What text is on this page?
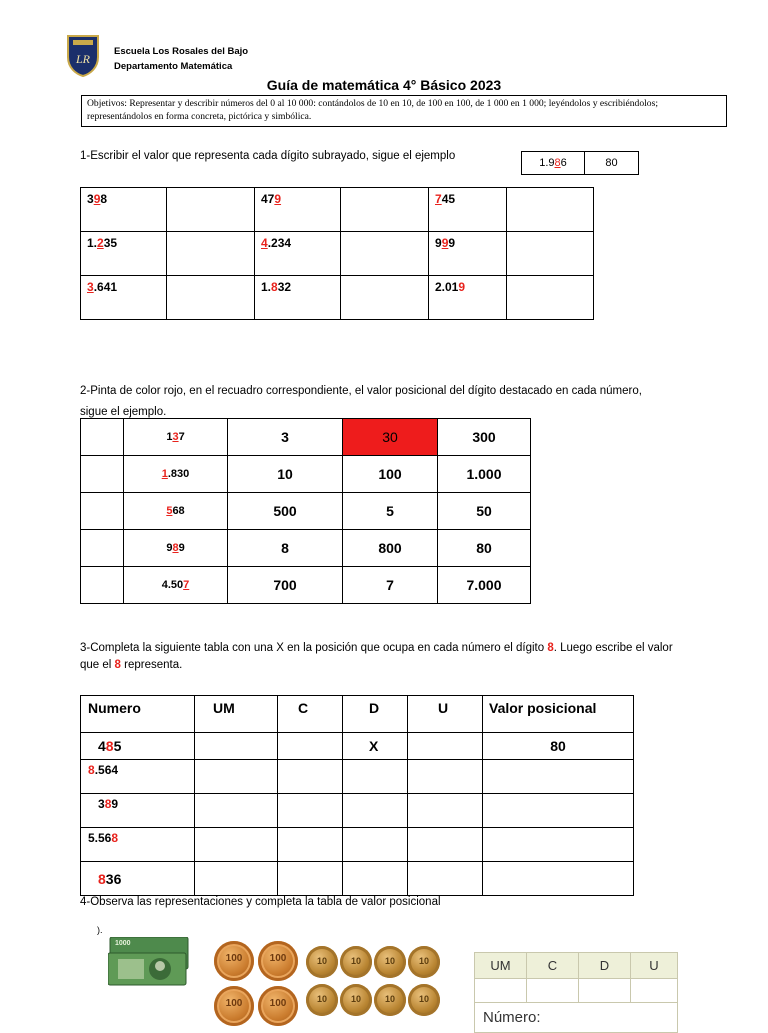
LR
Escuela Los Rosales del Bajo
Departamento Matemática
Guía de matemática 4° Básico 2023
Objetivos: Representar y describir números del 0 al 10 000: contándolos de 10 en 10, de 100 en 100, de 1 000 en 1 000; leyéndolos y escribiéndolos; representándolos en forma concreta, pictórica y simbólica.
1-Escribir el valor que representa cada dígito subrayado, sigue el ejemplo
1.986	80
398		479		745	
1.235		4.234		999	
3.641		1.832		2.019	
2-Pinta de color rojo, en el recuadro correspondiente, el valor posicional del dígito destacado en cada número,
sigue el ejemplo.
	137	3	30	300
	1.830	10	100	1.000
	568	500	5	50
	989	8	800	80
	4.507	700	7	7.000
3-Completa la siguiente tabla con una X en la posición que ocupa en cada número el dígito 8. Luego escribe el valor
que el 8 representa.
Numero	UM	C	D	U	Valor posicional
485			X		80
8.564					
389					
5.568					
836					
4-Observa las representaciones y completa la tabla de valor posicional
).
1000
100
100
100
100
10
10
10
10
10
10
10
10
UM	C	D	U

Número:			
